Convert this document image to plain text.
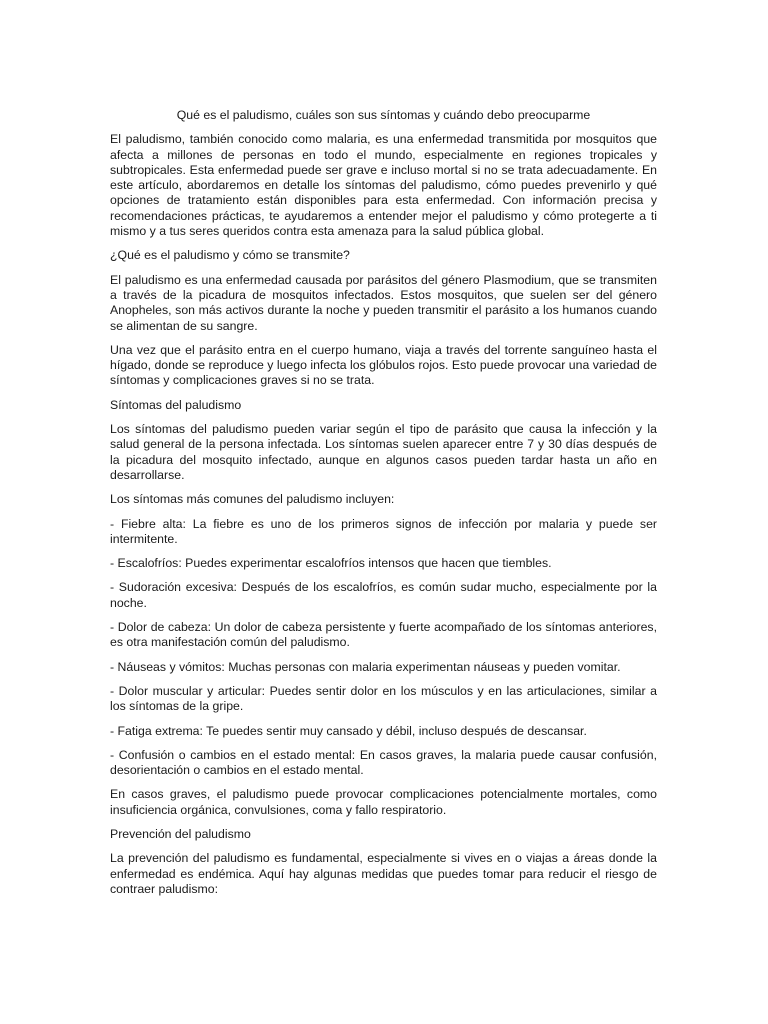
Qué es el paludismo, cuáles son sus síntomas y cuándo debo preocuparme
El paludismo, también conocido como malaria, es una enfermedad transmitida por mosquitos que afecta a millones de personas en todo el mundo, especialmente en regiones tropicales y subtropicales. Esta enfermedad puede ser grave e incluso mortal si no se trata adecuadamente. En este artículo, abordaremos en detalle los síntomas del paludismo, cómo puedes prevenirlo y qué opciones de tratamiento están disponibles para esta enfermedad. Con información precisa y recomendaciones prácticas, te ayudaremos a entender mejor el paludismo y cómo protegerte a ti mismo y a tus seres queridos contra esta amenaza para la salud pública global.
¿Qué es el paludismo y cómo se transmite?
El paludismo es una enfermedad causada por parásitos del género Plasmodium, que se transmiten a través de la picadura de mosquitos infectados. Estos mosquitos, que suelen ser del género Anopheles, son más activos durante la noche y pueden transmitir el parásito a los humanos cuando se alimentan de su sangre.
Una vez que el parásito entra en el cuerpo humano, viaja a través del torrente sanguíneo hasta el hígado, donde se reproduce y luego infecta los glóbulos rojos. Esto puede provocar una variedad de síntomas y complicaciones graves si no se trata.
Síntomas del paludismo
Los síntomas del paludismo pueden variar según el tipo de parásito que causa la infección y la salud general de la persona infectada. Los síntomas suelen aparecer entre 7 y 30 días después de la picadura del mosquito infectado, aunque en algunos casos pueden tardar hasta un año en desarrollarse.
Los síntomas más comunes del paludismo incluyen:
- Fiebre alta: La fiebre es uno de los primeros signos de infección por malaria y puede ser intermitente.
- Escalofríos: Puedes experimentar escalofríos intensos que hacen que tiembles.
- Sudoración excesiva: Después de los escalofríos, es común sudar mucho, especialmente por la noche.
- Dolor de cabeza: Un dolor de cabeza persistente y fuerte acompañado de los síntomas anteriores, es otra manifestación común del paludismo.
- Náuseas y vómitos: Muchas personas con malaria experimentan náuseas y pueden vomitar.
- Dolor muscular y articular: Puedes sentir dolor en los músculos y en las articulaciones, similar a los síntomas de la gripe.
- Fatiga extrema: Te puedes sentir muy cansado y débil, incluso después de descansar.
- Confusión o cambios en el estado mental: En casos graves, la malaria puede causar confusión, desorientación o cambios en el estado mental.
En casos graves, el paludismo puede provocar complicaciones potencialmente mortales, como insuficiencia orgánica, convulsiones, coma y fallo respiratorio.
Prevención del paludismo
La prevención del paludismo es fundamental, especialmente si vives en o viajas a áreas donde la enfermedad es endémica. Aquí hay algunas medidas que puedes tomar para reducir el riesgo de contraer paludismo:
